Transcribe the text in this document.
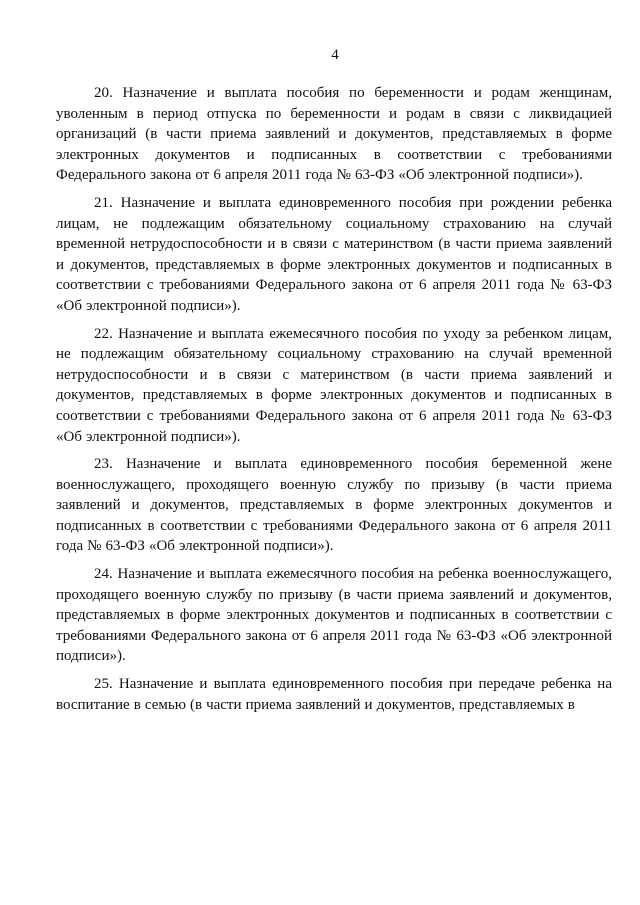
4

20. Назначение и выплата пособия по беременности и родам женщинам, уволенным в период отпуска по беременности и родам в связи с ликвидацией организаций (в части приема заявлений и документов, представляемых в форме электронных документов и подписанных в соответствии с требованиями Федерального закона от 6 апреля 2011 года № 63-ФЗ «Об электронной подписи»).

21. Назначение и выплата единовременного пособия при рождении ребенка лицам, не подлежащим обязательному социальному страхованию на случай временной нетрудоспособности и в связи с материнством (в части приема заявлений и документов, представляемых в форме электронных документов и подписанных в соответствии с требованиями Федерального закона от 6 апреля 2011 года № 63-ФЗ «Об электронной подписи»).

22. Назначение и выплата ежемесячного пособия по уходу за ребенком лицам, не подлежащим обязательному социальному страхованию на случай временной нетрудоспособности и в связи с материнством (в части приема заявлений и документов, представляемых в форме электронных документов и подписанных в соответствии с требованиями Федерального закона от 6 апреля 2011 года № 63-ФЗ «Об электронной подписи»).

23. Назначение и выплата единовременного пособия беременной жене военнослужащего, проходящего военную службу по призыву (в части приема заявлений и документов, представляемых в форме электронных документов и подписанных в соответствии с требованиями Федерального закона от 6 апреля 2011 года № 63-ФЗ «Об электронной подписи»).

24. Назначение и выплата ежемесячного пособия на ребенка военнослужащего, проходящего военную службу по призыву (в части приема заявлений и документов, представляемых в форме электронных документов и подписанных в соответствии с требованиями Федерального закона от 6 апреля 2011 года № 63-ФЗ «Об электронной подписи»).

25. Назначение и выплата единовременного пособия при передаче ребенка на воспитание в семью (в части приема заявлений и документов, представляемых в
